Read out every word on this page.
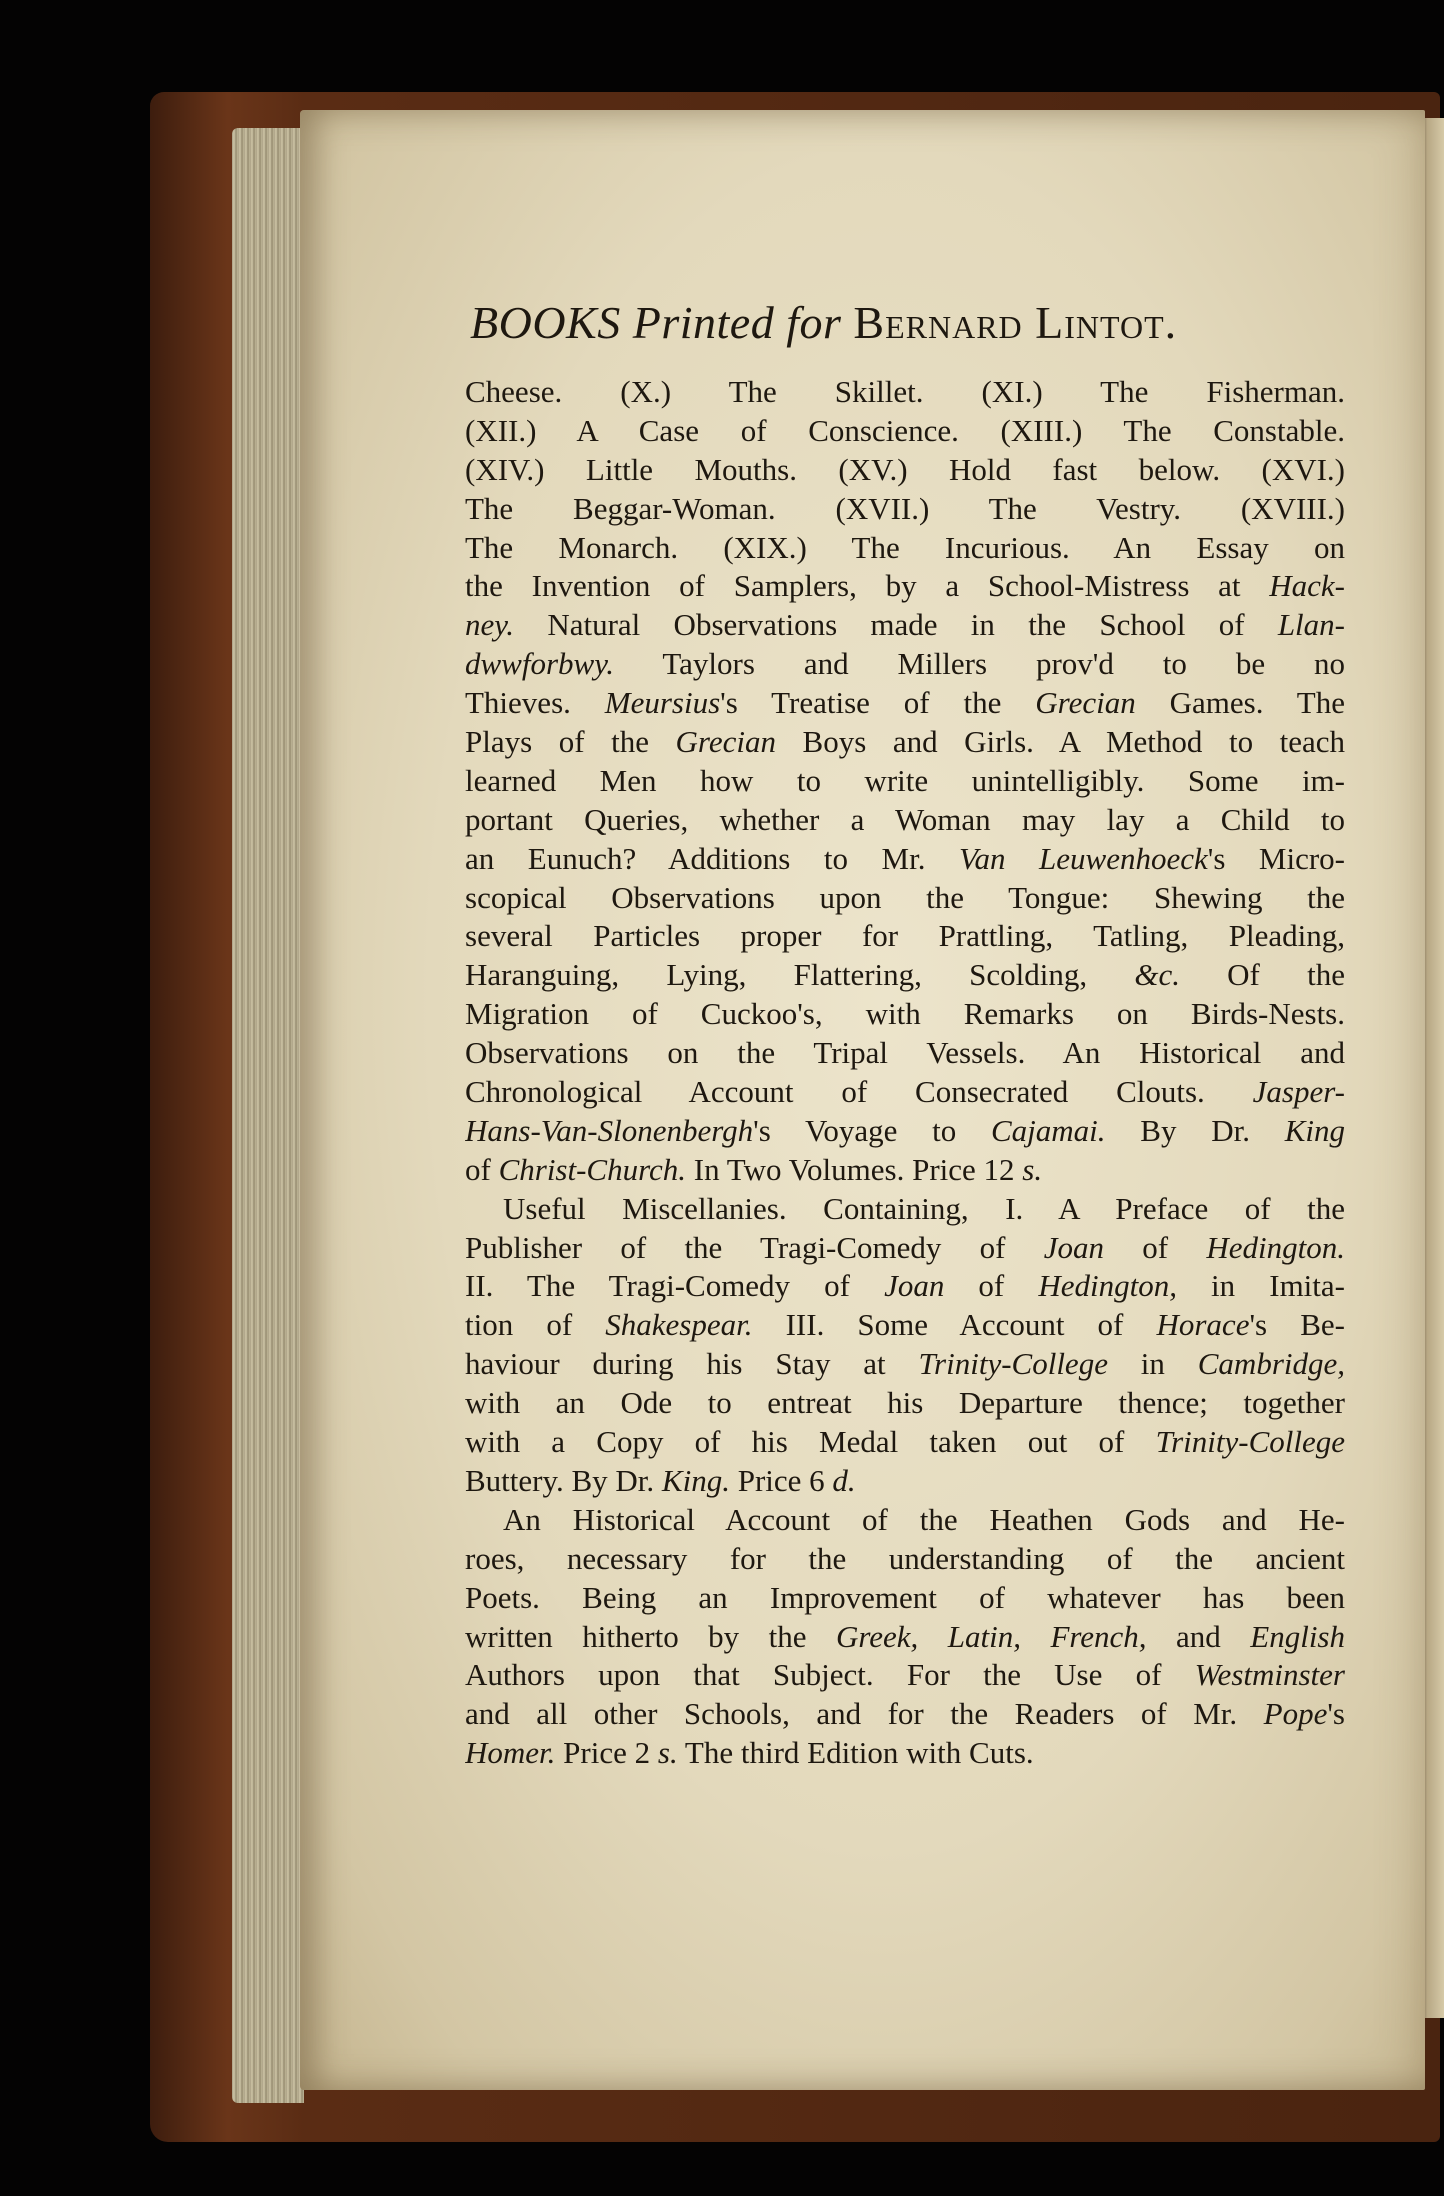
BOOKS Printed for Bernard Lintot.
Cheese. (X.) The Skillet. (XI.) The Fisherman.
(XII.) A Case of Conscience. (XIII.) The Constable.
(XIV.) Little Mouths. (XV.) Hold fast below. (XVI.)
The Beggar-Woman. (XVII.) The Vestry. (XVIII.)
The Monarch. (XIX.) The Incurious. An Essay on
the Invention of Samplers, by a School-Mistress at Hack-
ney. Natural Observations made in the School of Llan-
dwwforbwy. Taylors and Millers prov'd to be no
Thieves. Meursius's Treatise of the Grecian Games. The
Plays of the Grecian Boys and Girls. A Method to teach
learned Men how to write unintelligibly. Some im-
portant Queries, whether a Woman may lay a Child to
an Eunuch? Additions to Mr. Van Leuwenhoeck's Micro-
scopical Observations upon the Tongue: Shewing the
several Particles proper for Prattling, Tatling, Pleading,
Haranguing, Lying, Flattering, Scolding, &c. Of the
Migration of Cuckoo's, with Remarks on Birds-Nests.
Observations on the Tripal Vessels. An Historical and
Chronological Account of Consecrated Clouts. Jasper-
Hans-Van-Slonenbergh's Voyage to Cajamai. By Dr. King
of Christ-Church. In Two Volumes. Price 12 s.
Useful Miscellanies. Containing, I. A Preface of the
Publisher of the Tragi-Comedy of Joan of Hedington.
II. The Tragi-Comedy of Joan of Hedington, in Imita-
tion of Shakespear. III. Some Account of Horace's Be-
haviour during his Stay at Trinity-College in Cambridge,
with an Ode to entreat his Departure thence; together
with a Copy of his Medal taken out of Trinity-College
Buttery. By Dr. King. Price 6 d.
An Historical Account of the Heathen Gods and He-
roes, necessary for the understanding of the ancient
Poets. Being an Improvement of whatever has been
written hitherto by the Greek, Latin, French, and English
Authors upon that Subject. For the Use of Westminster
and all other Schools, and for the Readers of Mr. Pope's
Homer. Price 2 s. The third Edition with Cuts.
